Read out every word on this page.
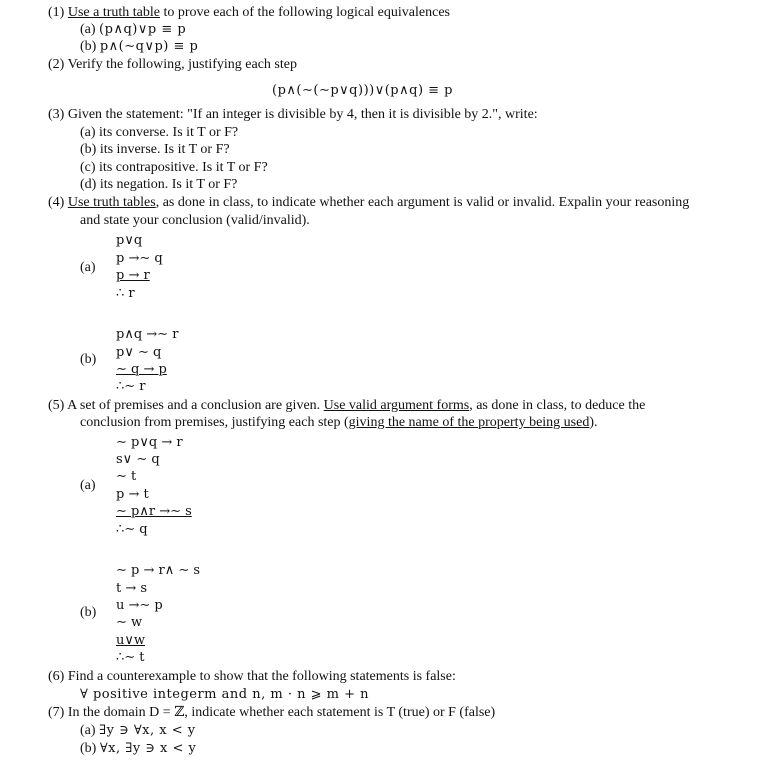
(1) Use a truth table to prove each of the following logical equivalences
(a) (p∧q)∨p ≡ p
(b) p∧(∼q∨p) ≡ p
(2) Verify the following, justifying each step
(p∧(∼(∼p∨q)))∨(p∧q) ≡ p
(3) Given the statement: "If an integer is divisible by 4, then it is divisible by 2.", write:
(a) its converse. Is it T or F?
(b) its inverse. Is it T or F?
(c) its contrapositive. Is it T or F?
(d) its negation. Is it T or F?
(4) Use truth tables, as done in class, to indicate whether each argument is valid or invalid. Expalin your reasoning
and state your conclusion (valid/invalid).
p∨q
p →∼ q
(a)
p → r
∴ r
p∧q →∼ r
p∨ ∼ q
(b)
∼ q → p
∴∼ r
(5) A set of premises and a conclusion are given. Use valid argument forms, as done in class, to deduce the
conclusion from premises, justifying each step (giving the name of the property being used).
∼ p∨q → r
s∨ ∼ q
∼ t
(a)
p → t
∼ p∧r →∼ s
∴∼ q
∼ p → r∧ ∼ s
t → s
u →∼ p
(b)
∼ w
u∨w
∴∼ t
(6) Find a counterexample to show that the following statements is false:
∀ positive integerm and n, m · n ⩾ m + n
(7) In the domain D = ℤ, indicate whether each statement is T (true) or F (false)
(a) ∃y ∋ ∀x, x < y
(b) ∀x, ∃y ∋ x < y
